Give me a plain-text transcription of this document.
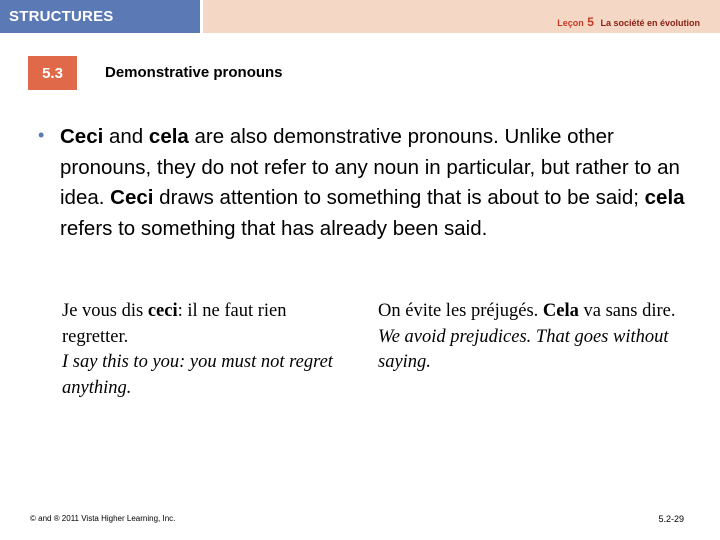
STRUCTURES	Leçon 5 La société en évolution
5.3	Demonstrative pronouns
• Ceci and cela are also demonstrative pronouns. Unlike other pronouns, they do not refer to any noun in particular, but rather to an idea. Ceci draws attention to something that is about to be said; cela refers to something that has already been said.
Je vous dis ceci: il ne faut rien regretter.
I say this to you: you must not regret anything.
On évite les préjugés. Cela va sans dire.
We avoid prejudices. That goes without saying.
© and ® 2011 Vista Higher Learning, Inc.	5.2-29
